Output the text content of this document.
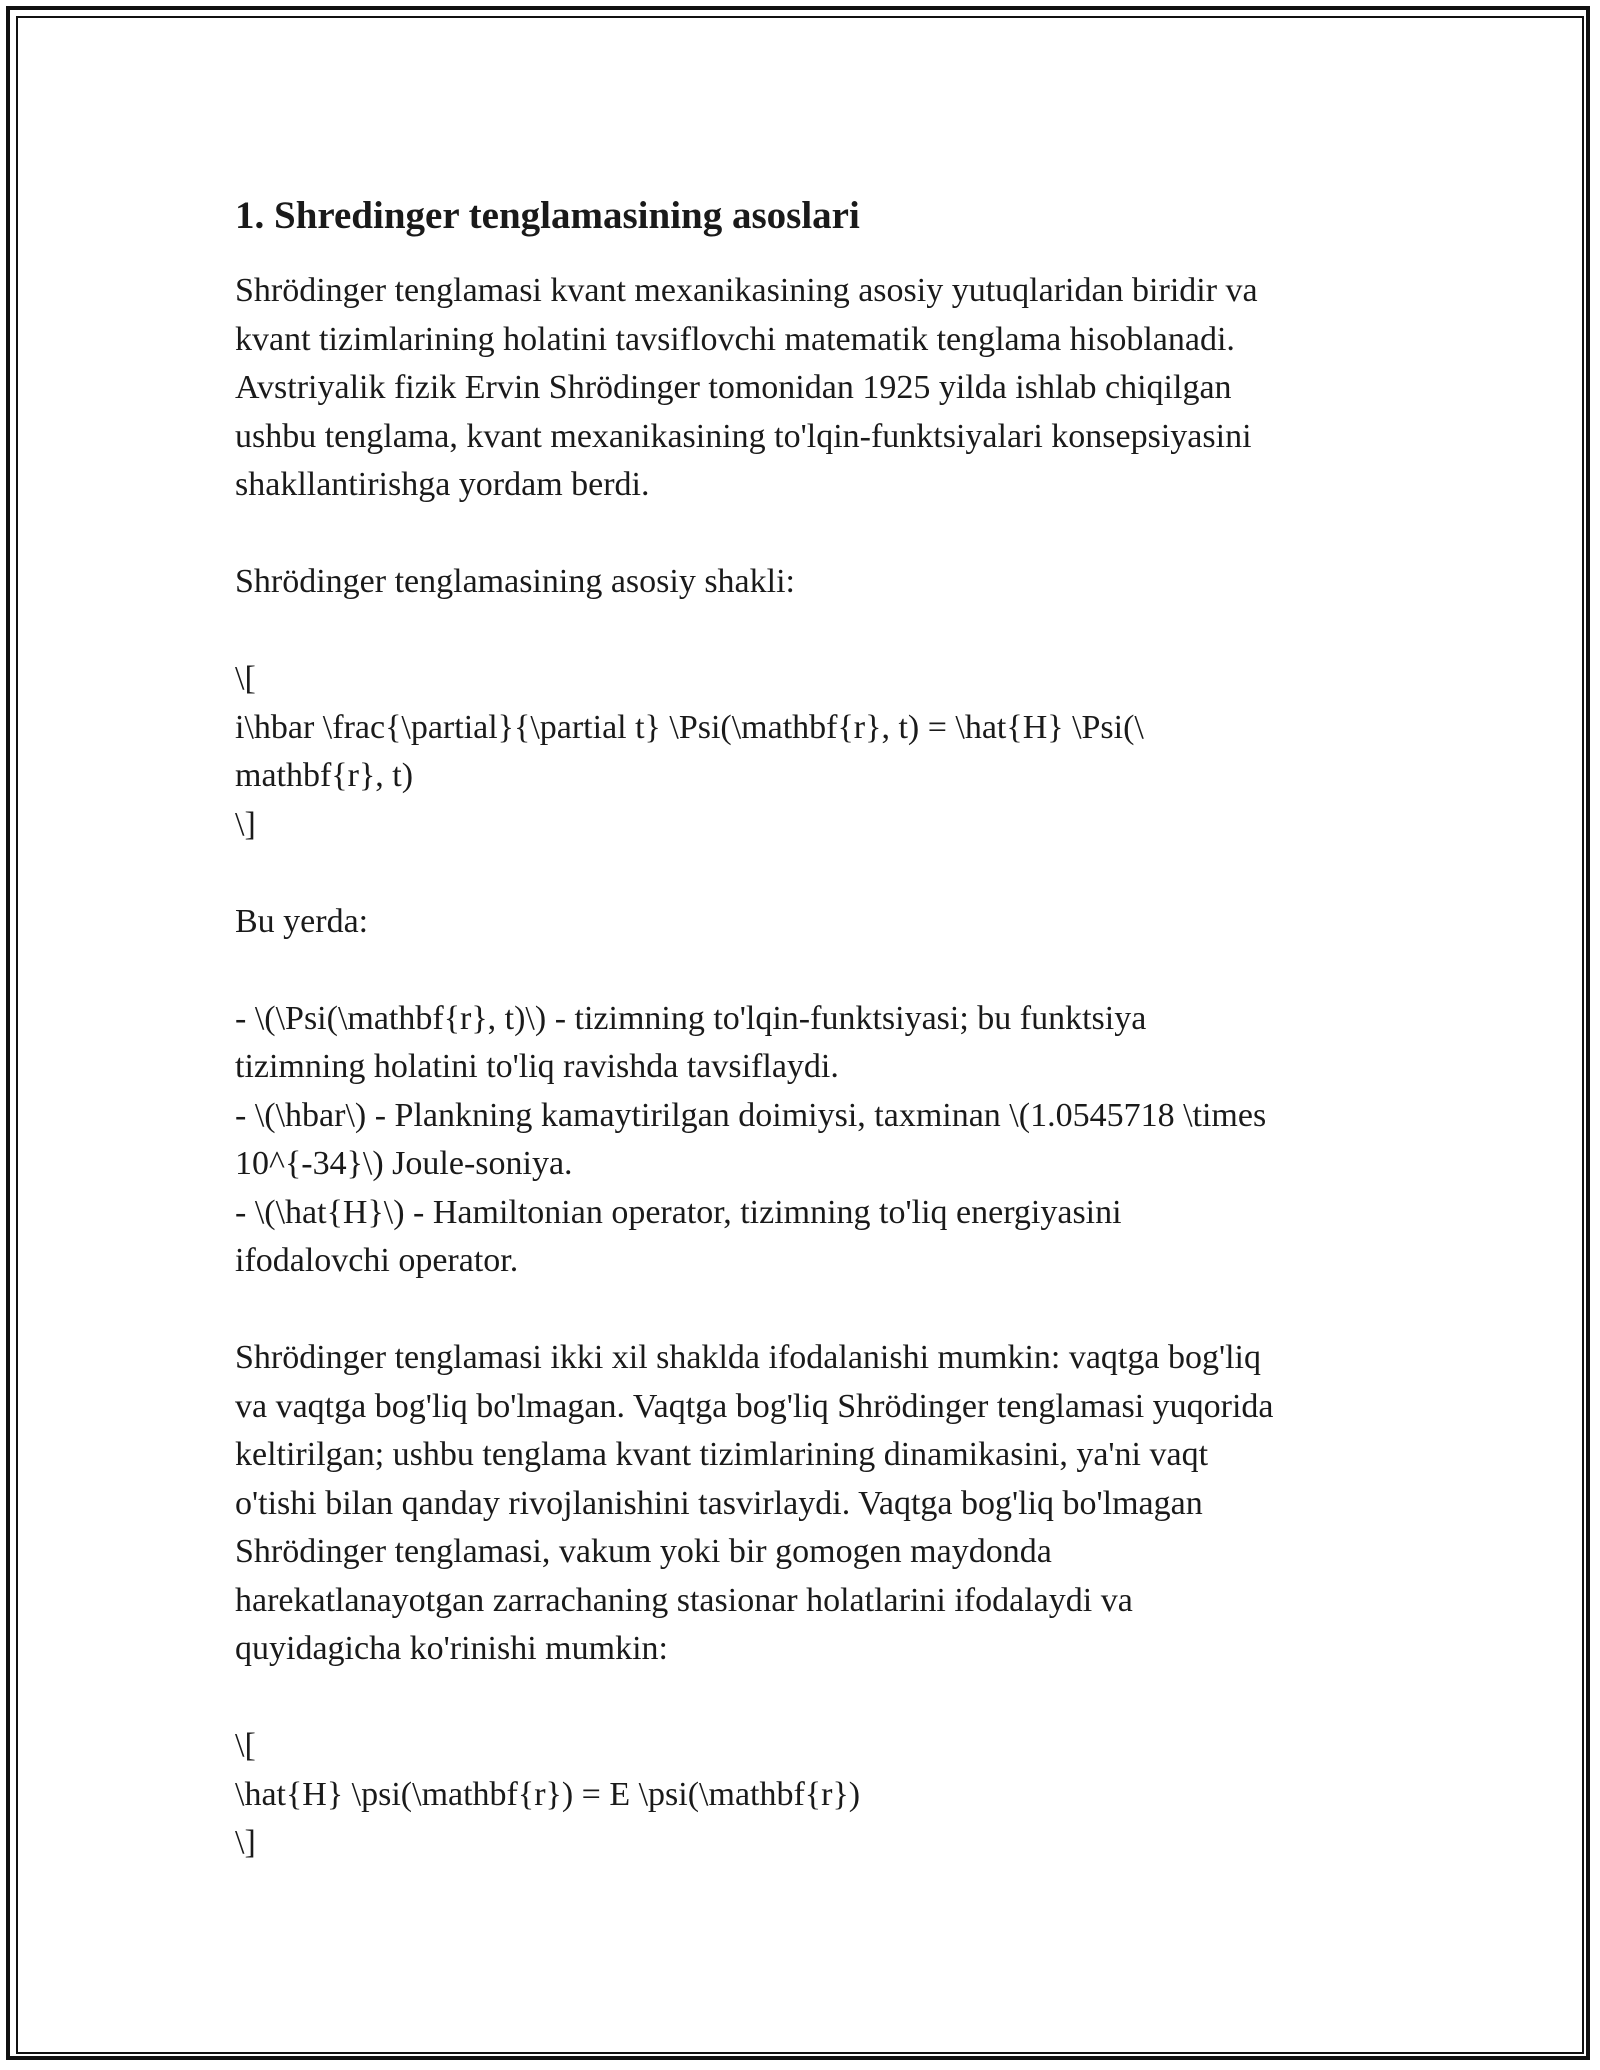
1. Shredinger tenglamasining asoslari

Shrödinger tenglamasi kvant mexanikasining asosiy yutuqlaridan biridir va

kvant tizimlarining holatini tavsiflovchi matematik tenglama hisoblanadi.

Avstriyalik fizik Ervin Shrödinger tomonidan 1925 yilda ishlab chiqilgan

ushbu tenglama, kvant mexanikasining to'lqin-funktsiyalari konsepsiyasini

shakllantirishga yordam berdi.

Shrödinger tenglamasining asosiy shakli:

\[

i\hbar \frac{\partial}{\partial t} \Psi(\mathbf{r}, t) = \hat{H} \Psi(\

mathbf{r}, t)

\]

Bu yerda:

- \(\Psi(\mathbf{r}, t)\) - tizimning to'lqin-funktsiyasi; bu funktsiya

tizimning holatini to'liq ravishda tavsiflaydi.

- \(\hbar\) - Plankning kamaytirilgan doimiysi, taxminan \(1.0545718 \times

10^{-34}\) Joule-soniya.

- \(\hat{H}\) - Hamiltonian operator, tizimning to'liq energiyasini

ifodalovchi operator.

Shrödinger tenglamasi ikki xil shaklda ifodalanishi mumkin: vaqtga bog'liq

va vaqtga bog'liq bo'lmagan. Vaqtga bog'liq Shrödinger tenglamasi yuqorida

keltirilgan; ushbu tenglama kvant tizimlarining dinamikasini, ya'ni vaqt

o'tishi bilan qanday rivojlanishini tasvirlaydi. Vaqtga bog'liq bo'lmagan

Shrödinger tenglamasi, vakum yoki bir gomogen maydonda

harekatlanayotgan zarrachaning stasionar holatlarini ifodalaydi va

quyidagicha ko'rinishi mumkin:

\[

\hat{H} \psi(\mathbf{r}) = E \psi(\mathbf{r})

\]
